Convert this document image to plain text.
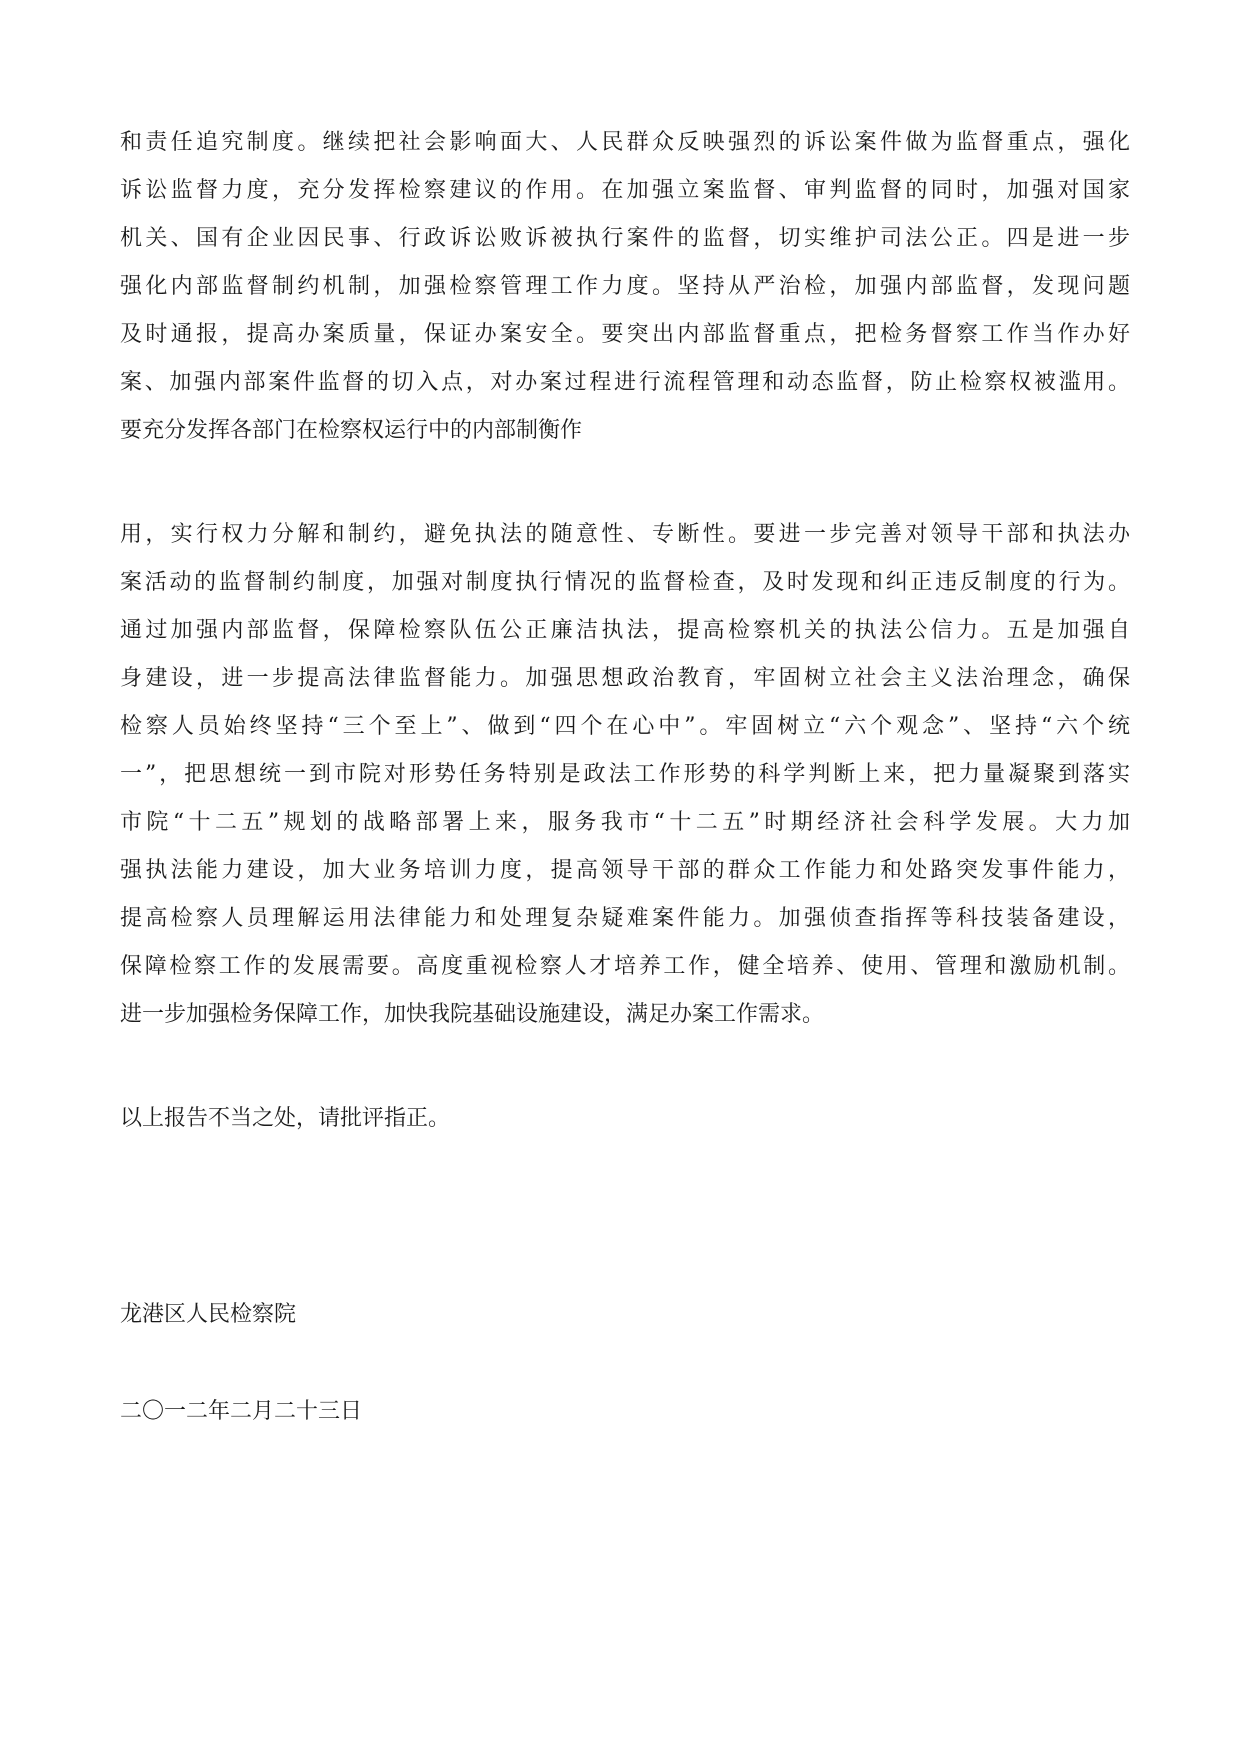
和责任追究制度。继续把社会影响面大、人民群众反映强烈的诉讼案件做为监督重点，强化
诉讼监督力度，充分发挥检察建议的作用。在加强立案监督、审判监督的同时，加强对国家
机关、国有企业因民事、行政诉讼败诉被执行案件的监督，切实维护司法公正。四是进一步
强化内部监督制约机制，加强检察管理工作力度。坚持从严治检，加强内部监督，发现问题
及时通报，提高办案质量，保证办案安全。要突出内部监督重点，把检务督察工作当作办好
案、加强内部案件监督的切入点，对办案过程进行流程管理和动态监督，防止检察权被滥用。
要充分发挥各部门在检察权运行中的内部制衡作
用，实行权力分解和制约，避免执法的随意性、专断性。要进一步完善对领导干部和执法办
案活动的监督制约制度，加强对制度执行情况的监督检查，及时发现和纠正违反制度的行为。
通过加强内部监督，保障检察队伍公正廉洁执法，提高检察机关的执法公信力。五是加强自
身建设，进一步提高法律监督能力。加强思想政治教育，牢固树立社会主义法治理念，确保
检察人员始终坚持“三个至上”、做到“四个在心中”。牢固树立“六个观念”、坚持“六个统
一”，把思想统一到市院对形势任务特别是政法工作形势的科学判断上来，把力量凝聚到落实
市院“十二五”规划的战略部署上来，服务我市“十二五”时期经济社会科学发展。大力加
强执法能力建设，加大业务培训力度，提高领导干部的群众工作能力和处路突发事件能力，
提高检察人员理解运用法律能力和处理复杂疑难案件能力。加强侦查指挥等科技装备建设，
保障检察工作的发展需要。高度重视检察人才培养工作，健全培养、使用、管理和激励机制。
进一步加强检务保障工作，加快我院基础设施建设，满足办案工作需求。

以上报告不当之处，请批评指正。

龙港区人民检察院

二〇一二年二月二十三日
